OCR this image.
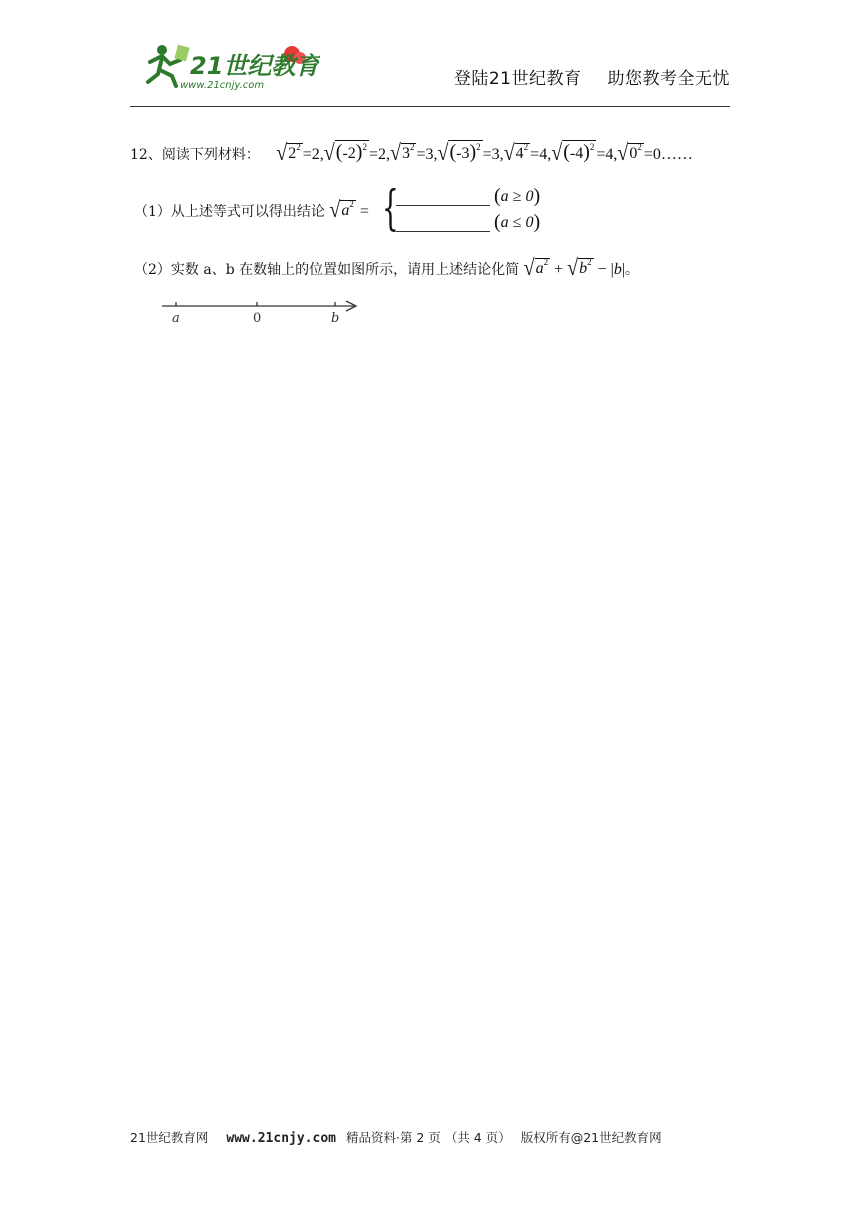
21世纪教育
www.21cnjy.com	登陆21世纪教育 助您教考全无忧
12、阅读下列材料： √ $2^2 =2$, √ $(-2)^2 =2$, √ $3^2 =3$, √ $(-3)^2 =3$, √ $4^2 =4$, √ $(-4)^2 =4$, √ $0^2$ =0……
（1）从上述等式可以得出结论 √ $a^2$ = {	( a ≥ 0 )
( a ≤ 0 )
（2）实数 a、b 在数轴上的位置如图所示，请用上述结论化简 √ $a^2$ + √ $b^2 - |b|$。
a	0	b
21世纪教育网 www.21cnjy.com 精品资料·第 2 页 （共 4 页） 版权所有@21世纪教育网
